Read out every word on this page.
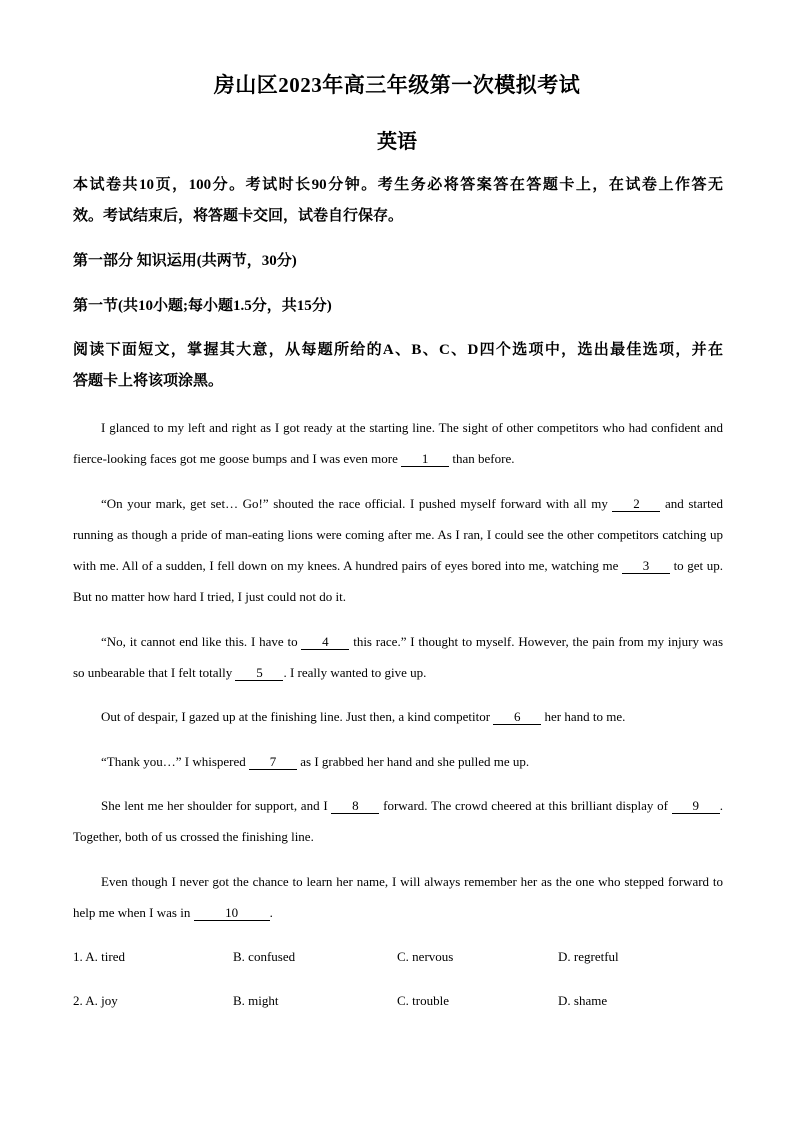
房山区2023年高三年级第一次模拟考试
英语
本试卷共10页，100分。考试时长90分钟。考生务必将答案答在答题卡上，在试卷上作答无
效。考试结束后，将答题卡交回，试卷自行保存。
第一部分 知识运用(共两节，30分)
第一节(共10小题;每小题1.5分，共15分)
阅读下面短文，掌握其大意，从每题所给的A、B、C、D四个选项中，选出最佳选项，并在
答题卡上将该项涂黑。
I glanced to my left and right as I got ready at the starting line. The sight of other competitors who had confident and fierce-looking faces got me goose bumps and I was even more 1 than before.
“On your mark, get set… Go!” shouted the race official. I pushed myself forward with all my 2 and started running as though a pride of man-eating lions were coming after me. As I ran, I could see the other competitors catching up with me. All of a sudden, I fell down on my knees. A hundred pairs of eyes bored into me, watching me 3 to get up. But no matter how hard I tried, I just could not do it.
“No, it cannot end like this. I have to 4 this race.” I thought to myself. However, the pain from my injury was so unbearable that I felt totally 5 . I really wanted to give up.
Out of despair, I gazed up at the finishing line. Just then, a kind competitor 6 her hand to me.
“Thank you…” I whispered 7 as I grabbed her hand and she pulled me up.
She lent me her shoulder for support, and I 8 forward. The crowd cheered at this brilliant display of 9 . Together, both of us crossed the finishing line.
Even though I never got the chance to learn her name, I will always remember her as the one who stepped forward to help me when I was in 10 .
1. A. tired	B. confused	C. nervous	D. regretful
2. A. joy	B. might	C. trouble	D. shame
